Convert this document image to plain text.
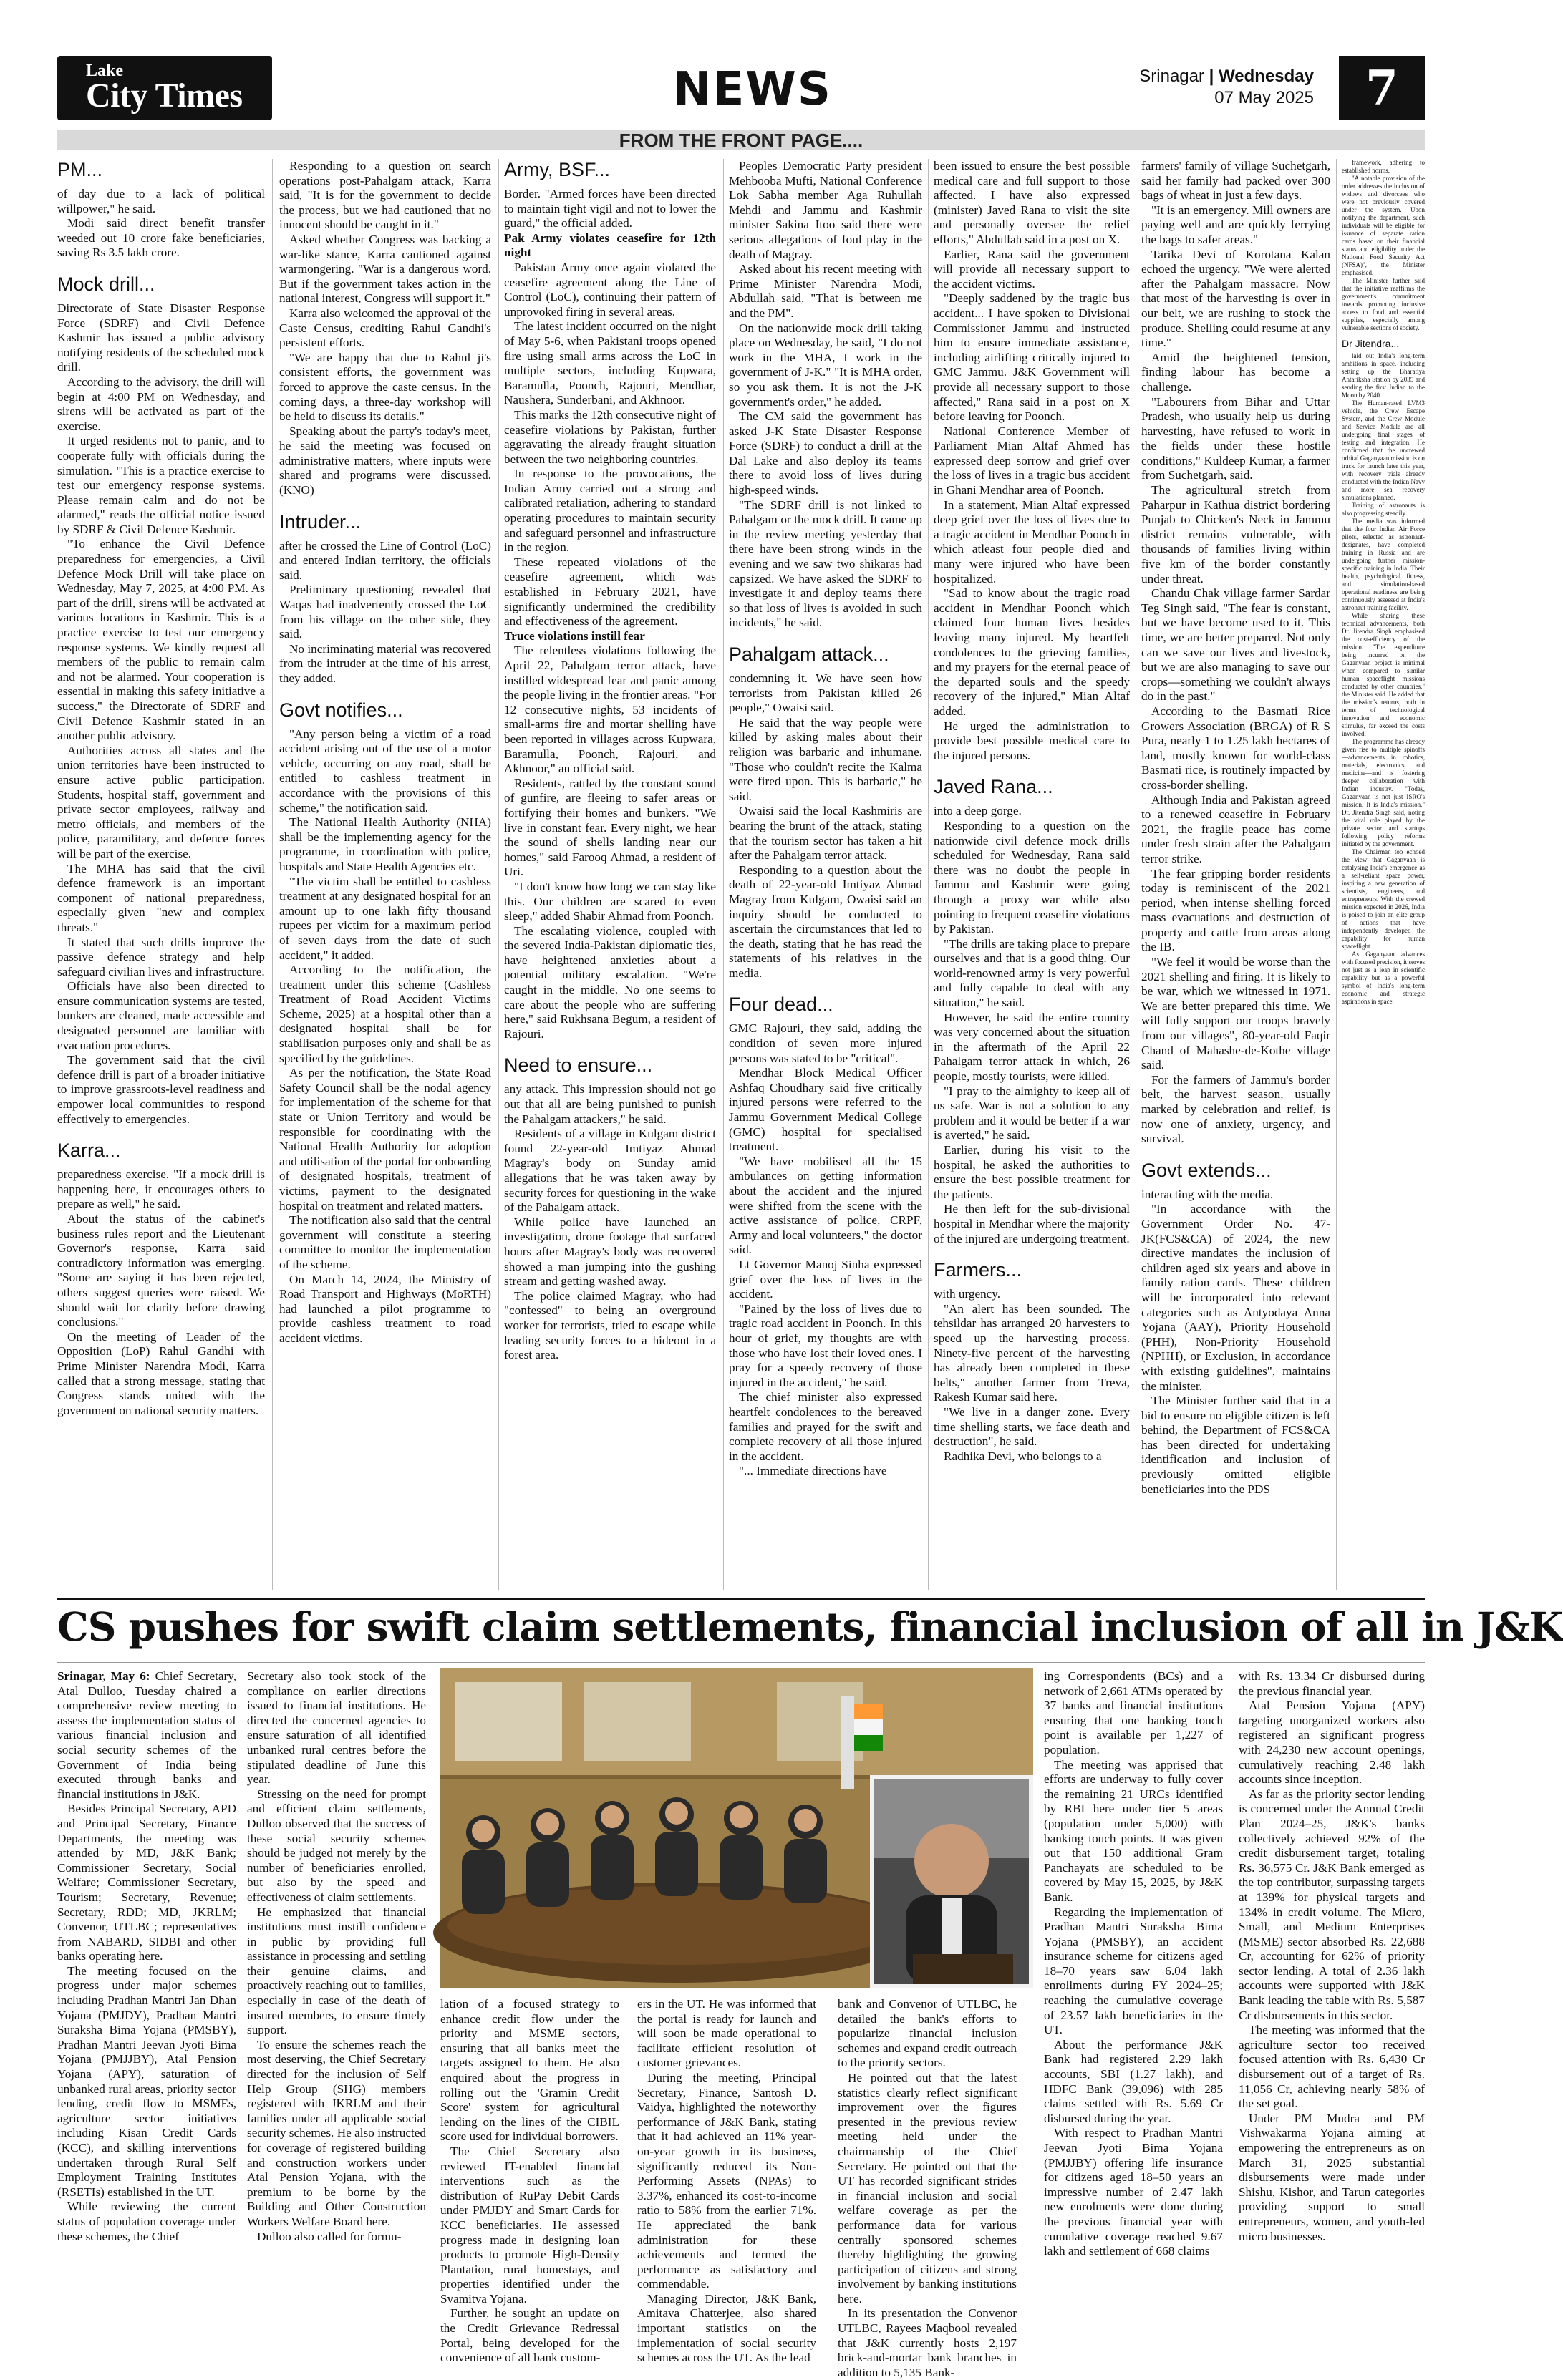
Lake
City Times	NEWS	Srinagar | Wednesday
07 May 2025	7
FROM THE FRONT PAGE....
PM...

of day due to a lack of political willpower," he said.

Modi said direct benefit transfer weeded out 10 crore fake beneficiaries, saving Rs 3.5 lakh crore.

Mock drill...

Directorate of State Disaster Response Force (SDRF) and Civil Defence Kashmir has issued a public advisory notifying residents of the scheduled mock drill.

According to the advisory, the drill will begin at 4:00 PM on Wednesday, and sirens will be activated as part of the exercise.

It urged residents not to panic, and to cooperate fully with officials during the simulation. "This is a practice exercise to test our emergency response systems. Please remain calm and do not be alarmed," reads the official notice issued by SDRF & Civil Defence Kashmir.

"To enhance the Civil Defence preparedness for emergencies, a Civil Defence Mock Drill will take place on Wednesday, May 7, 2025, at 4:00 PM. As part of the drill, sirens will be activated at various locations in Kashmir. This is a practice exercise to test our emergency response systems. We kindly request all members of the public to remain calm and not be alarmed. Your cooperation is essential in making this safety initiative a success," the Directorate of SDRF and Civil Defence Kashmir stated in an another public advisory.

Authorities across all states and the union territories have been instructed to ensure active public participation. Students, hospital staff, government and private sector employees, railway and metro officials, and members of the police, paramilitary, and defence forces will be part of the exercise.

The MHA has said that the civil defence framework is an important component of national preparedness, especially given "new and complex threats."

It stated that such drills improve the passive defence strategy and help safeguard civilian lives and infrastructure.

Officials have also been directed to ensure communication systems are tested, bunkers are cleaned, made accessible and designated personnel are familiar with evacuation procedures.

The government said that the civil defence drill is part of a broader initiative to improve grassroots-level readiness and empower local communities to respond effectively to emergencies.

Karra...

preparedness exercise. "If a mock drill is happening here, it encourages others to prepare as well," he said.

About the status of the cabinet's business rules report and the Lieutenant Governor's response, Karra said contradictory information was emerging. "Some are saying it has been rejected, others suggest queries were raised. We should wait for clarity before drawing conclusions."

On the meeting of Leader of the Opposition (LoP) Rahul Gandhi with Prime Minister Narendra Modi, Karra called that a strong message, stating that Congress stands united with the government on national security matters.

Responding to a question on search operations post-Pahalgam attack, Karra said, "It is for the government to decide the process, but we had cautioned that no innocent should be caught in it."

Asked whether Congress was backing a war-like stance, Karra cautioned against warmongering. "War is a dangerous word. But if the government takes action in the national interest, Congress will support it."

Karra also welcomed the approval of the Caste Census, crediting Rahul Gandhi's persistent efforts.

"We are happy that due to Rahul ji's consistent efforts, the government was forced to approve the caste census. In the coming days, a three-day workshop will be held to discuss its details."

Speaking about the party's today's meet, he said the meeting was focused on administrative matters, where inputs were shared and programs were discussed. (KNO)

Intruder...

after he crossed the Line of Control (LoC) and entered Indian territory, the officials said.

Preliminary questioning revealed that Waqas had inadvertently crossed the LoC from his village on the other side, they said.

No incriminating material was recovered from the intruder at the time of his arrest, they added.

Govt notifies...

"Any person being a victim of a road accident arising out of the use of a motor vehicle, occurring on any road, shall be entitled to cashless treatment in accordance with the provisions of this scheme," the notification said.

The National Health Authority (NHA) shall be the implementing agency for the programme, in coordination with police, hospitals and State Health Agencies etc.

"The victim shall be entitled to cashless treatment at any designated hospital for an amount up to one lakh fifty thousand rupees per victim for a maximum period of seven days from the date of such accident," it added.

According to the notification, the treatment under this scheme (Cashless Treatment of Road Accident Victims Scheme, 2025) at a hospital other than a designated hospital shall be for stabilisation purposes only and shall be as specified by the guidelines.

As per the notification, the State Road Safety Council shall be the nodal agency for implementation of the scheme for that state or Union Territory and would be responsible for coordinating with the National Health Authority for adoption and utilisation of the portal for onboarding of designated hospitals, treatment of victims, payment to the designated hospital on treatment and related matters.

The notification also said that the central government will constitute a steering committee to monitor the implementation of the scheme.

On March 14, 2024, the Ministry of Road Transport and Highways (MoRTH) had launched a pilot programme to provide cashless treatment to road accident victims.

Army, BSF...

Border. "Armed forces have been directed to maintain tight vigil and not to lower the guard," the official added.

Pak Army violates ceasefire for 12th night

Pakistan Army once again violated the ceasefire agreement along the Line of Control (LoC), continuing their pattern of unprovoked firing in several areas.

The latest incident occurred on the night of May 5-6, when Pakistani troops opened fire using small arms across the LoC in multiple sectors, including Kupwara, Baramulla, Poonch, Rajouri, Mendhar, Naushera, Sunderbani, and Akhnoor.

This marks the 12th consecutive night of ceasefire violations by Pakistan, further aggravating the already fraught situation between the two neighboring countries.

In response to the provocations, the Indian Army carried out a strong and calibrated retaliation, adhering to standard operating procedures to maintain security and safeguard personnel and infrastructure in the region.

These repeated violations of the ceasefire agreement, which was established in February 2021, have significantly undermined the credibility and effectiveness of the agreement.

Truce violations instill fear

The relentless violations following the April 22, Pahalgam terror attack, have instilled widespread fear and panic among the people living in the frontier areas. "For 12 consecutive nights, 53 incidents of small-arms fire and mortar shelling have been reported in villages across Kupwara, Baramulla, Poonch, Rajouri, and Akhnoor," an official said.

Residents, rattled by the constant sound of gunfire, are fleeing to safer areas or fortifying their homes and bunkers. "We live in constant fear. Every night, we hear the sound of shells landing near our homes," said Farooq Ahmad, a resident of Uri.

"I don't know how long we can stay like this. Our children are scared to even sleep," added Shabir Ahmad from Poonch.

The escalating violence, coupled with the severed India-Pakistan diplomatic ties, have heightened anxieties about a potential military escalation. "We're caught in the middle. No one seems to care about the people who are suffering here," said Rukhsana Begum, a resident of Rajouri.

Need to ensure...

any attack. This impression should not go out that all are being punished to punish the Pahalgam attackers," he said.

Residents of a village in Kulgam district found 22-year-old Imtiyaz Ahmad Magray's body on Sunday amid allegations that he was taken away by security forces for questioning in the wake of the Pahalgam attack.

While police have launched an investigation, drone footage that surfaced hours after Magray's body was recovered showed a man jumping into the gushing stream and getting washed away.

The police claimed Magray, who had "confessed" to being an overground worker for terrorists, tried to escape while leading security forces to a hideout in a forest area.

Peoples Democratic Party president Mehbooba Mufti, National Conference Lok Sabha member Aga Ruhullah Mehdi and Jammu and Kashmir minister Sakina Itoo said there were serious allegations of foul play in the death of Magray.

Asked about his recent meeting with Prime Minister Narendra Modi, Abdullah said, "That is between me and the PM".

On the nationwide mock drill taking place on Wednesday, he said, "I do not work in the MHA, I work in the government of J-K." "It is MHA order, so you ask them. It is not the J-K government's order," he added.

The CM said the government has asked J-K State Disaster Response Force (SDRF) to conduct a drill at the Dal Lake and also deploy its teams there to avoid loss of lives during high-speed winds.

"The SDRF drill is not linked to Pahalgam or the mock drill. It came up in the review meeting yesterday that there have been strong winds in the evening and we saw two shikaras had capsized. We have asked the SDRF to investigate it and deploy teams there so that loss of lives is avoided in such incidents," he said.

Pahalgam attack...

condemning it. We have seen how terrorists from Pakistan killed 26 people," Owaisi said.

He said that the way people were killed by asking males about their religion was barbaric and inhumane. "Those who couldn't recite the Kalma were fired upon. This is barbaric," he said.

Owaisi said the local Kashmiris are bearing the brunt of the attack, stating that the tourism sector has taken a hit after the Pahalgam terror attack.

Responding to a question about the death of 22-year-old Imtiyaz Ahmad Magray from Kulgam, Owaisi said an inquiry should be conducted to ascertain the circumstances that led to the death, stating that he has read the statements of his relatives in the media.

Four dead...

GMC Rajouri, they said, adding the condition of seven more injured persons was stated to be "critical".

Mendhar Block Medical Officer Ashfaq Choudhary said five critically injured persons were referred to the Jammu Government Medical College (GMC) hospital for specialised treatment.

"We have mobilised all the 15 ambulances on getting information about the accident and the injured were shifted from the scene with the active assistance of police, CRPF, Army and local volunteers," the doctor said.

Lt Governor Manoj Sinha expressed grief over the loss of lives in the accident.

"Pained by the loss of lives due to tragic road accident in Poonch. In this hour of grief, my thoughts are with those who have lost their loved ones. I pray for a speedy recovery of those injured in the accident," he said.

The chief minister also expressed heartfelt condolences to the bereaved families and prayed for the swift and complete recovery of all those injured in the accident.

"... Immediate directions have

been issued to ensure the best possible medical care and full support to those affected. I have also expressed (minister) Javed Rana to visit the site and personally oversee the relief efforts," Abdullah said in a post on X.

Earlier, Rana said the government will provide all necessary support to the accident victims.

"Deeply saddened by the tragic bus accident... I have spoken to Divisional Commissioner Jammu and instructed him to ensure immediate assistance, including airlifting critically injured to GMC Jammu. J&K Government will provide all necessary support to those affected," Rana said in a post on X before leaving for Poonch.

National Conference Member of Parliament Mian Altaf Ahmed has expressed deep sorrow and grief over the loss of lives in a tragic bus accident in Ghani Mendhar area of Poonch.

In a statement, Mian Altaf expressed deep grief over the loss of lives due to a tragic accident in Mendhar Poonch in which atleast four people died and many were injured who have been hospitalized.

"Sad to know about the tragic road accident in Mendhar Poonch which claimed four human lives besides leaving many injured. My heartfelt condolences to the grieving families, and my prayers for the eternal peace of the departed souls and the speedy recovery of the injured," Mian Altaf added.

He urged the administration to provide best possible medical care to the injured persons.

Javed Rana...

into a deep gorge.

Responding to a question on the nationwide civil defence mock drills scheduled for Wednesday, Rana said there was no doubt the people in Jammu and Kashmir were going through a proxy war while also pointing to frequent ceasefire violations by Pakistan.

"The drills are taking place to prepare ourselves and that is a good thing. Our world-renowned army is very powerful and fully capable to deal with any situation," he said.

However, he said the entire country was very concerned about the situation in the aftermath of the April 22 Pahalgam terror attack in which, 26 people, mostly tourists, were killed.

"I pray to the almighty to keep all of us safe. War is not a solution to any problem and it would be better if a war is averted," he said.

Earlier, during his visit to the hospital, he asked the authorities to ensure the best possible treatment for the patients.

He then left for the sub-divisional hospital in Mendhar where the majority of the injured are undergoing treatment.

Farmers...

with urgency.

"An alert has been sounded. The tehsildar has arranged 20 harvesters to speed up the harvesting process. Ninety-five percent of the harvesting has already been completed in these belts," another farmer from Treva, Rakesh Kumar said here.

"We live in a danger zone. Every time shelling starts, we face death and destruction", he said.

Radhika Devi, who belongs to a

farmers' family of village Suchetgarh, said her family had packed over 300 bags of wheat in just a few days.

"It is an emergency. Mill owners are paying well and are quickly ferrying the bags to safer areas."

Tarika Devi of Korotana Kalan echoed the urgency. "We were alerted after the Pahalgam massacre. Now that most of the harvesting is over in our belt, we are rushing to stock the produce. Shelling could resume at any time."

Amid the heightened tension, finding labour has become a challenge.

"Labourers from Bihar and Uttar Pradesh, who usually help us during harvesting, have refused to work in the fields under these hostile conditions," Kuldeep Kumar, a farmer from Suchetgarh, said.

The agricultural stretch from Paharpur in Kathua district bordering Punjab to Chicken's Neck in Jammu district remains vulnerable, with thousands of families living within five km of the border constantly under threat.

Chandu Chak village farmer Sardar Teg Singh said, "The fear is constant, but we have become used to it. This time, we are better prepared. Not only can we save our lives and livestock, but we are also managing to save our crops—something we couldn't always do in the past."

According to the Basmati Rice Growers Association (BRGA) of R S Pura, nearly 1 to 1.25 lakh hectares of land, mostly known for world-class Basmati rice, is routinely impacted by cross-border shelling.

Although India and Pakistan agreed to a renewed ceasefire in February 2021, the fragile peace has come under fresh strain after the Pahalgam terror strike.

The fear gripping border residents today is reminiscent of the 2021 period, when intense shelling forced mass evacuations and destruction of property and cattle from areas along the IB.

"We feel it would be worse than the 2021 shelling and firing. It is likely to be war, which we witnessed in 1971. We are better prepared this time. We will fully support our troops bravely from our villages", 80-year-old Faqir Chand of Mahashe-de-Kothe village said.

For the farmers of Jammu's border belt, the harvest season, usually marked by celebration and relief, is now one of anxiety, urgency, and survival.

Govt extends...

interacting with the media.

"In accordance with the Government Order No. 47-JK(FCS&CA) of 2024, the new directive mandates the inclusion of children aged six years and above in family ration cards. These children will be incorporated into relevant categories such as Antyodaya Anna Yojana (AAY), Priority Household (PHH), Non-Priority Household (NPHH), or Exclusion, in accordance with existing guidelines", maintains the minister.

The Minister further said that in a bid to ensure no eligible citizen is left behind, the Department of FCS&CA has been directed for undertaking identification and inclusion of previously omitted eligible beneficiaries into the PDS

CS pushes for swift claim settlements, financial inclusion of all in J&K

Srinagar, May 6: Chief Secretary, Atal Dulloo, Tuesday chaired a comprehensive review meeting to assess the implementation status of various financial inclusion and social security schemes of the Government of India being executed through banks and financial institutions in J&K.

Besides Principal Secretary, APD and Principal Secretary, Finance Departments, the meeting was attended by MD, J&K Bank; Commissioner Secretary, Social Welfare; Commissioner Secretary, Tourism; Secretary, Revenue; Secretary, RDD; MD, JKRLM; Convenor, UTLBC; representatives from NABARD, SIDBI and other banks operating here.

The meeting focused on the progress under major schemes including Pradhan Mantri Jan Dhan Yojana (PMJDY), Pradhan Mantri Suraksha Bima Yojana (PMSBY), Pradhan Mantri Jeevan Jyoti Bima Yojana (PMJJBY), Atal Pension Yojana (APY), saturation of unbanked rural areas, priority sector lending, credit flow to MSMEs, agriculture sector initiatives including Kisan Credit Cards (KCC), and skilling interventions undertaken through Rural Self Employment Training Institutes (RSETIs) established in the UT.

While reviewing the current status of population coverage under these schemes, the Chief

Secretary also took stock of the compliance on earlier directions issued to financial institutions. He directed the concerned agencies to ensure saturation of all identified unbanked rural centres before the stipulated deadline of June this year.

Stressing on the need for prompt and efficient claim settlements, Dulloo observed that the success of these social security schemes should be judged not merely by the number of beneficiaries enrolled, but also by the speed and effectiveness of claim settlements.

He emphasized that financial institutions must instill confidence in public by providing full assistance in processing and settling their genuine claims, and proactively reaching out to families, especially in case of the death of insured members, to ensure timely support.

To ensure the schemes reach the most deserving, the Chief Secretary directed for the inclusion of Self Help Group (SHG) members registered with JKRLM and their families under all applicable social security schemes. He also instructed for coverage of registered building and construction workers under Atal Pension Yojana, with the premium to be borne by the Building and Other Construction Workers Welfare Board here.

Dulloo also called for formu-

lation of a focused strategy to enhance credit flow under the priority and MSME sectors, ensuring that all banks meet the targets assigned to them. He also enquired about the progress in rolling out the 'Gramin Credit Score' system for agricultural lending on the lines of the CIBIL score used for individual borrowers.

The Chief Secretary also reviewed IT-enabled financial interventions such as the distribution of RuPay Debit Cards under PMJDY and Smart Cards for KCC beneficiaries. He assessed progress made in designing loan products to promote High-Density Plantation, rural homestays, and properties identified under the Svamitva Yojana.

Further, he sought an update on the Credit Grievance Redressal Portal, being developed for the convenience of all bank custom-

ers in the UT. He was informed that the portal is ready for launch and will soon be made operational to facilitate efficient resolution of customer grievances.

During the meeting, Principal Secretary, Finance, Santosh D. Vaidya, highlighted the noteworthy performance of J&K Bank, stating that it had achieved an 11% year-on-year growth in its business, significantly reduced its Non-Performing Assets (NPAs) to 3.37%, enhanced its cost-to-income ratio to 58% from the earlier 71%. He appreciated the bank administration for these achievements and termed the performance as satisfactory and commendable.

Managing Director, J&K Bank, Amitava Chatterjee, also shared important statistics on the implementation of social security schemes across the UT. As the lead

bank and Convenor of UTLBC, he detailed the bank's efforts to popularize financial inclusion schemes and expand credit outreach to the priority sectors.

He pointed out that the latest statistics clearly reflect significant improvement over the figures presented in the previous review meeting held under the chairmanship of the Chief Secretary. He pointed out that the UT has recorded significant strides in financial inclusion and social welfare coverage as per the performance data for various centrally sponsored schemes thereby highlighting the growing participation of citizens and strong involvement by banking institutions here.

In its presentation the Convenor UTLBC, Rayees Maqbool revealed that J&K currently hosts 2,197 brick-and-mortar bank branches in addition to 5,135 Bank-

ing Correspondents (BCs) and a network of 2,661 ATMs operated by 37 banks and financial institutions ensuring that one banking touch point is available per 1,227 of population.

The meeting was apprised that efforts are underway to fully cover the remaining 21 URCs identified by RBI here under tier 5 areas (population under 5,000) with banking touch points. It was given out that 150 additional Gram Panchayats are scheduled to be covered by May 15, 2025, by J&K Bank.

Regarding the implementation of Pradhan Mantri Suraksha Bima Yojana (PMSBY), an accident insurance scheme for citizens aged 18–70 years saw 6.04 lakh enrollments during FY 2024–25; reaching the cumulative coverage of 23.57 lakh beneficiaries in the UT.

About the performance J&K Bank had registered 2.29 lakh accounts, SBI (1.27 lakh), and HDFC Bank (39,096) with 285 claims settled with Rs. 5.69 Cr disbursed during the year.

With respect to Pradhan Mantri Jeevan Jyoti Bima Yojana (PMJJBY) offering life insurance for citizens aged 18–50 years an impressive number of 2.47 lakh new enrolments were done during the previous financial year with cumulative coverage reached 9.67 lakh and settlement of 668 claims

with Rs. 13.34 Cr disbursed during the previous financial year.

Atal Pension Yojana (APY) targeting unorganized workers also registered an significant progress with 24,230 new account openings, cumulatively reaching 2.48 lakh accounts since inception.

As far as the priority sector lending is concerned under the Annual Credit Plan 2024–25, J&K's banks collectively achieved 92% of the credit disbursement target, totaling Rs. 36,575 Cr. J&K Bank emerged as the top contributor, surpassing targets at 139% for physical targets and 134% in credit volume. The Micro, Small, and Medium Enterprises (MSME) sector absorbed Rs. 22,688 Cr, accounting for 62% of priority sector lending. A total of 2.36 lakh accounts were supported with J&K Bank leading the table with Rs. 5,587 Cr disbursements in this sector.

The meeting was informed that the agriculture sector too received focused attention with Rs. 6,430 Cr disbursement out of a target of Rs. 11,056 Cr, achieving nearly 58% of the set goal.

Under PM Mudra and PM Vishwakarma Yojana aiming at empowering the entrepreneurs as on March 31, 2025 substantial disbursements were made under Shishu, Kishor, and Tarun categories providing support to small entrepreneurs, women, and youth-led micro businesses.

framework, adhering to established norms.

"A notable provision of the order addresses the inclusion of widows and divorcees who were not previously covered under the system. Upon notifying the department, such individuals will be eligible for issuance of separate ration cards based on their financial status and eligibility under the National Food Security Act (NFSA)", the Minister emphasised.

The Minister further said that the initiative reaffirms the government's commitment towards promoting inclusive access to food and essential supplies, especially among vulnerable sections of society.

Dr Jitendra...

laid out India's long-term ambitions in space, including setting up the Bharatiya Antariksha Station by 2035 and sending the first Indian to the Moon by 2040.

The Human-rated LVM3 vehicle, the Crew Escape System, and the Crew Module and Service Module are all undergoing final stages of testing and integration. He confirmed that the uncrewed orbital Gaganyaan mission is on track for launch later this year, with recovery trials already conducted with the Indian Navy and more sea recovery simulations planned.

Training of astronauts is also progressing steadily.

The media was informed that the four Indian Air Force pilots, selected as astronaut-designates, have completed training in Russia and are undergoing further mission-specific training in India. Their health, psychological fitness, and simulation-based operational readiness are being continuously assessed at India's astronaut training facility.

While sharing these technical advancements, both Dr. Jitendra Singh emphasised the cost-efficiency of the mission. "The expenditure being incurred on the Gaganyaan project is minimal when compared to similar human spaceflight missions conducted by other countries," the Minister said. He added that the mission's returns, both in terms of technological innovation and economic stimulus, far exceed the costs involved.

The programme has already given rise to multiple spinoffs—advancements in robotics, materials, electronics, and medicine—and is fostering deeper collaboration with Indian industry. "Today, Gaganyaan is not just ISRO's mission. It is India's mission," Dr. Jitendra Singh said, noting the vital role played by the private sector and startups following policy reforms initiated by the government.

The Chairman too echoed the view that Gaganyaan is catalysing India's emergence as a self-reliant space power, inspiring a new generation of scientists, engineers, and entrepreneurs. With the crewed mission expected in 2026, India is poised to join an elite group of nations that have independently developed the capability for human spaceflight.

As Gaganyaan advances with focused precision, it serves not just as a leap in scientific capability but as a powerful symbol of India's long-term economic and strategic aspirations in space.
